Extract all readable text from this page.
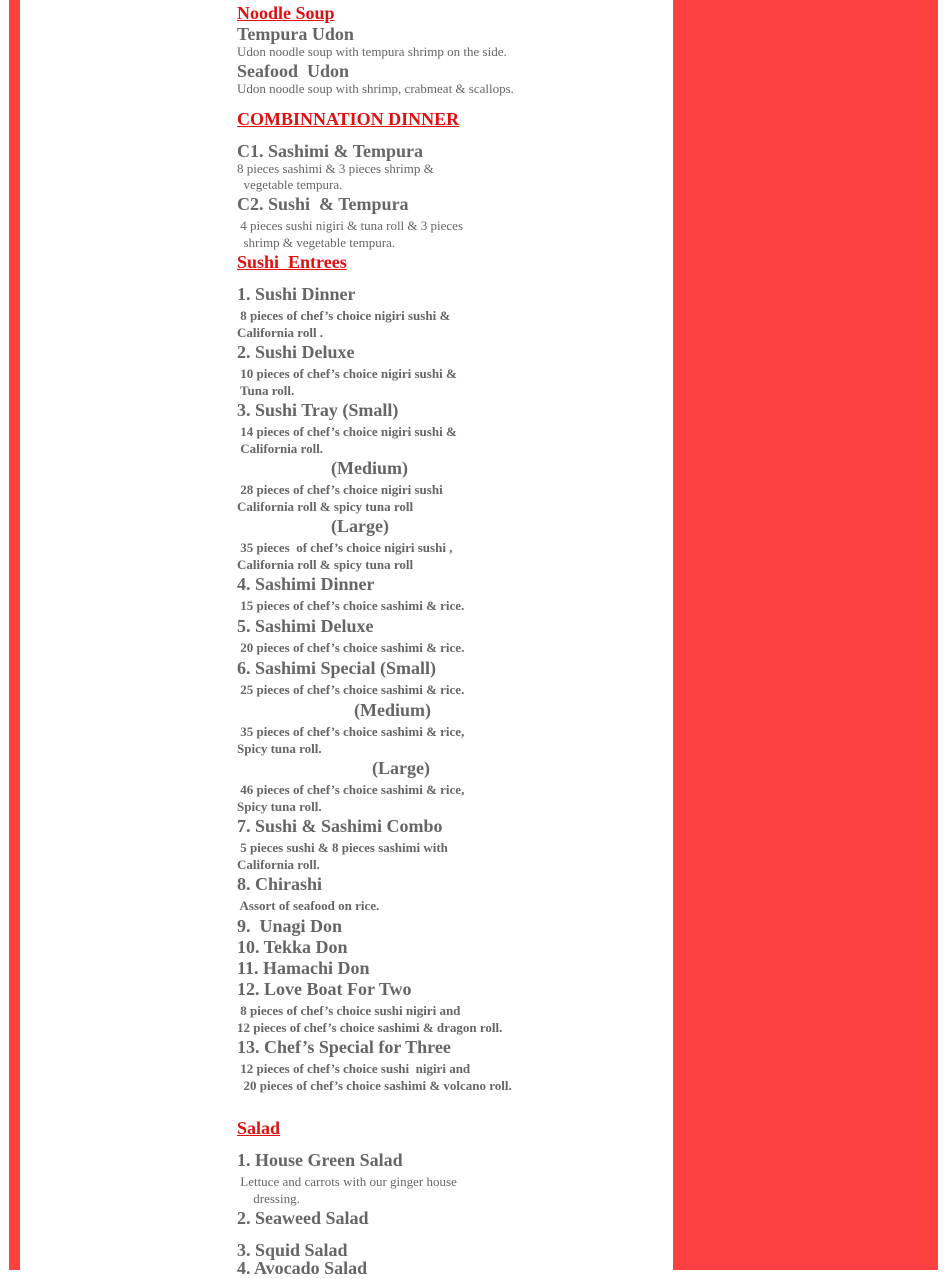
Noodle Soup
Tempura Udon
Udon noodle soup with tempura shrimp on the side.
Seafood  Udon
Udon noodle soup with shrimp, crabmeat & scallops.
COMBINNATION DINNER
C1. Sashimi & Tempura
8 pieces sashimi & 3 pieces shrimp &
vegetable tempura.
C2. Sushi  & Tempura
4 pieces sushi nigiri & tuna roll & 3 pieces
shrimp & vegetable tempura.
Sushi  Entrees
1. Sushi Dinner
8 pieces of chef’s choice nigiri sushi &
California roll .
2. Sushi Deluxe
10 pieces of chef’s choice nigiri sushi &
Tuna roll.
3. Sushi Tray (Small)
14 pieces of chef’s choice nigiri sushi &
California roll.
(Medium)
28 pieces of chef’s choice nigiri sushi
California roll & spicy tuna roll
(Large)
35 pieces  of chef’s choice nigiri sushi ,
California roll & spicy tuna roll
4. Sashimi Dinner
15 pieces of chef’s choice sashimi & rice.
5. Sashimi Deluxe
20 pieces of chef’s choice sashimi & rice.
6. Sashimi Special (Small)
25 pieces of chef’s choice sashimi & rice.
(Medium)
35 pieces of chef’s choice sashimi & rice,
Spicy tuna roll.
(Large)
46 pieces of chef’s choice sashimi & rice,
Spicy tuna roll.
7. Sushi & Sashimi Combo
5 pieces sushi & 8 pieces sashimi with
California roll.
8. Chirashi
Assort of seafood on rice.
9.  Unagi Don
10. Tekka Don
11. Hamachi Don
12. Love Boat For Two
8 pieces of chef’s choice sushi nigiri and
12 pieces of chef’s choice sashimi & dragon roll.
13. Chef’s Special for Three
12 pieces of chef’s choice sushi  nigiri and
20 pieces of chef’s choice sashimi & volcano roll.
Salad
1. House Green Salad
Lettuce and carrots with our ginger house
dressing.
2. Seaweed Salad
3. Squid Salad
4. Avocado Salad
